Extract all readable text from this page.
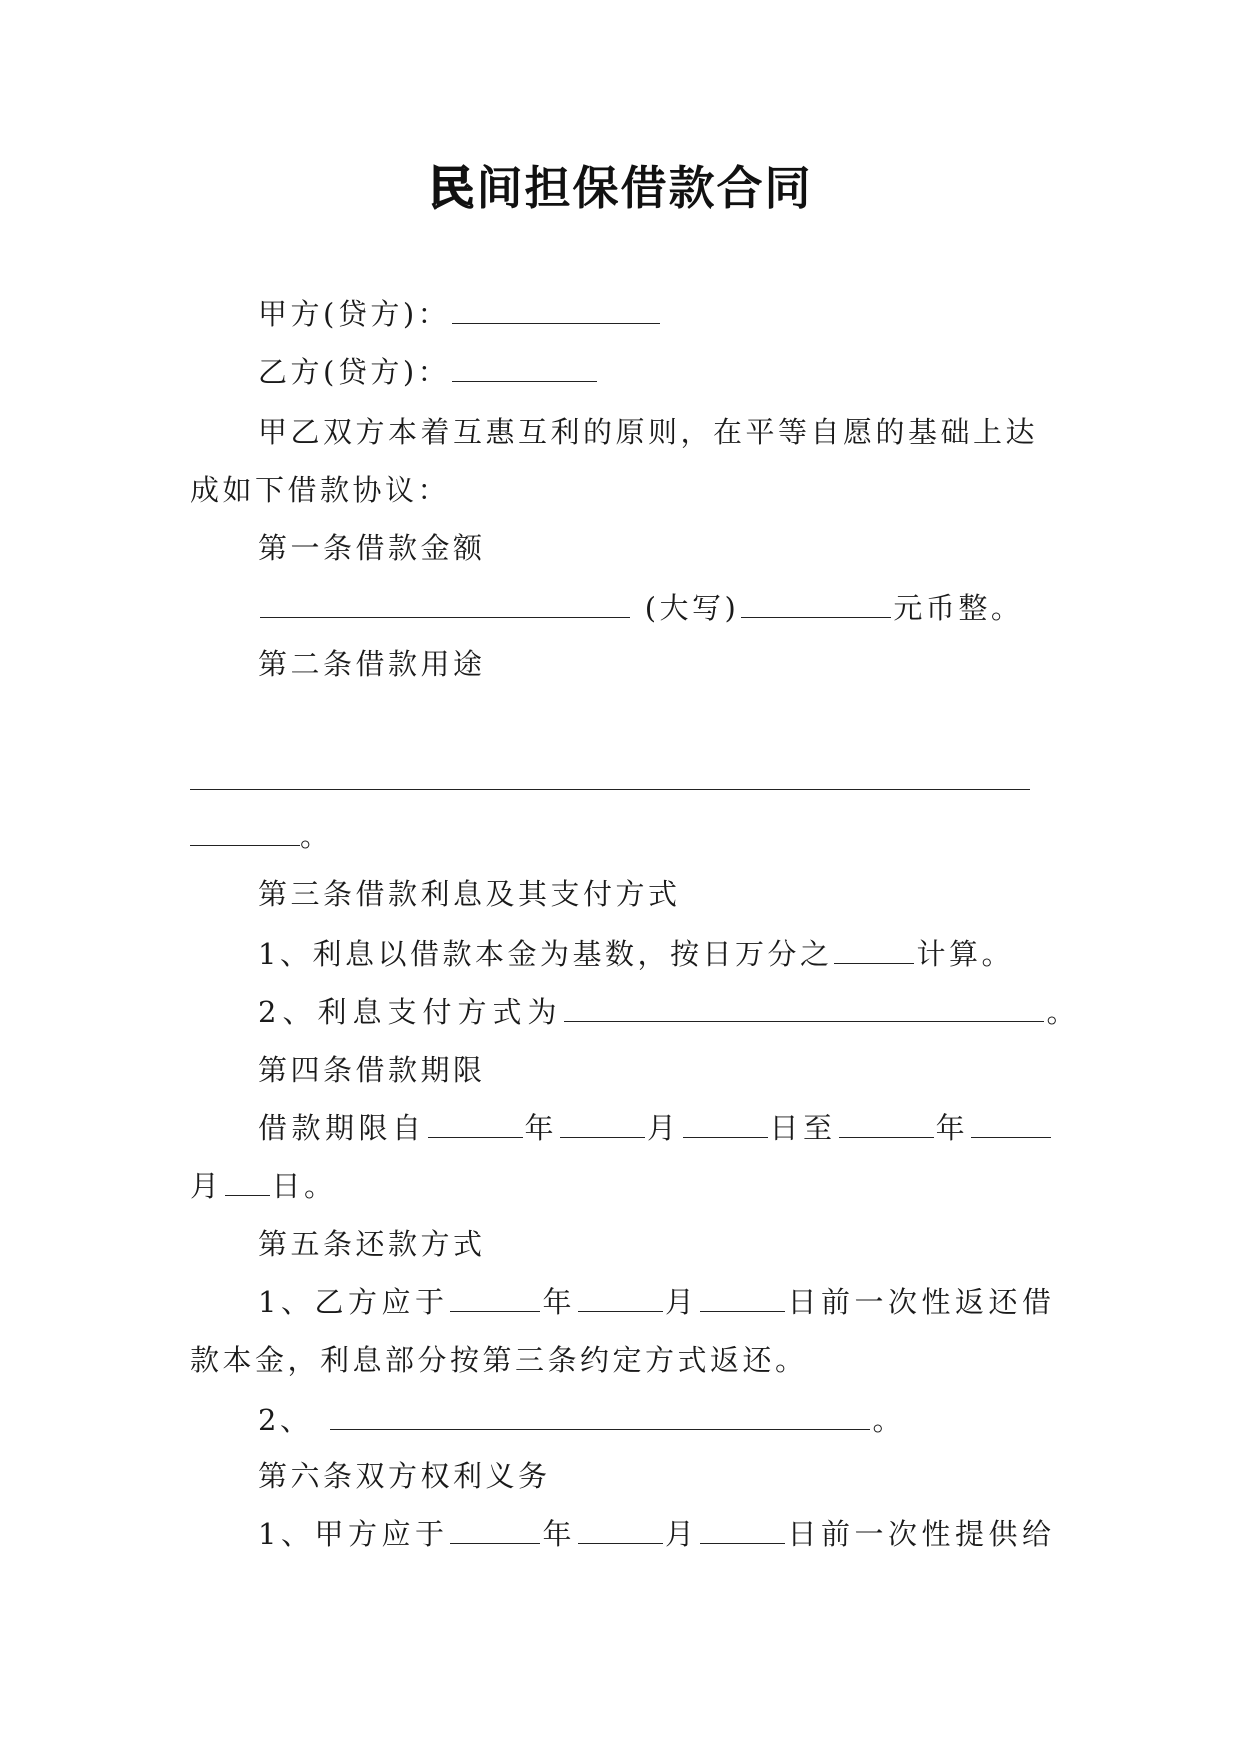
民间担保借款合同
甲方(贷方)：
乙方(贷方)：
甲乙双方本着互惠互利的原则，在平等自愿的基础上达
成如下借款协议：
第一条借款金额
(大写)	元币整。
第二条借款用途
。
第三条借款利息及其支付方式
1、利息以借款本金为基数，按日万分之	计算。
2、利息支付方式为	。
第四条借款期限
借款期限自	年	月	日至	年
月 日。
第五条还款方式
1、乙方应于	年	月	日前一次性返还借
款本金，利息部分按第三条约定方式返还。
2、	。
第六条双方权利义务
1、甲方应于	年	月	日前一次性提供给
